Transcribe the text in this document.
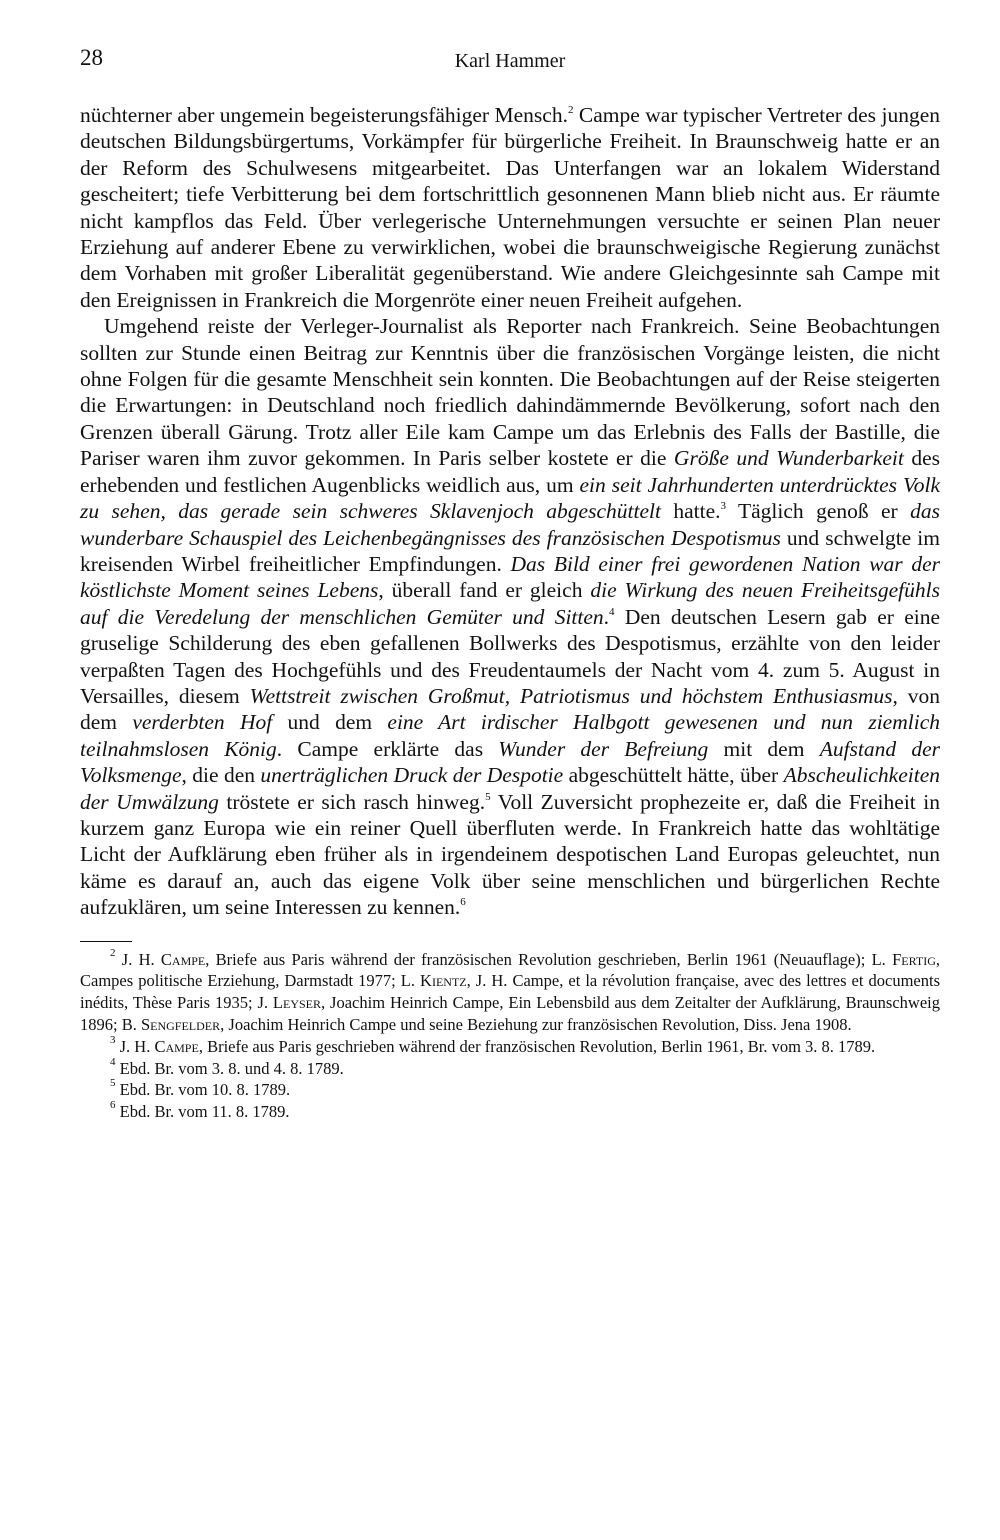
28	Karl Hammer

nüchterner aber ungemein begeisterungsfähiger Mensch.$^2$ Campe war typischer Vertreter des jungen deutschen Bildungsbürgertums, Vorkämpfer für bürgerliche Freiheit. In Braunschweig hatte er an der Reform des Schulwesens mitgearbeitet. Das Unterfangen war an lokalem Widerstand gescheitert; tiefe Verbitterung bei dem fortschrittlich gesonnenen Mann blieb nicht aus. Er räumte nicht kampflos das Feld. Über verlegerische Unternehmungen versuchte er seinen Plan neuer Erziehung auf anderer Ebene zu verwirklichen, wobei die braunschweigische Regierung zunächst dem Vorhaben mit großer Liberalität gegenüberstand. Wie andere Gleichgesinnte sah Campe mit den Ereignissen in Frankreich die Morgenröte einer neuen Freiheit aufgehen.

Umgehend reiste der Verleger-Journalist als Reporter nach Frankreich. Seine Beobachtungen sollten zur Stunde einen Beitrag zur Kenntnis über die französischen Vorgänge leisten, die nicht ohne Folgen für die gesamte Menschheit sein konnten. Die Beobachtungen auf der Reise steigerten die Erwartungen: in Deutschland noch friedlich dahindämmernde Bevölkerung, sofort nach den Grenzen überall Gärung. Trotz aller Eile kam Campe um das Erlebnis des Falls der Bastille, die Pariser waren ihm zuvor gekommen. In Paris selber kostete er die Größe und Wunderbarkeit des erhebenden und festlichen Augenblicks weidlich aus, um ein seit Jahrhunderten unterdrücktes Volk zu sehen, das gerade sein schweres Sklavenjoch abgeschüttelt hatte.$^3$ Täglich genoß er das wunderbare Schauspiel des Leichenbegängnisses des französischen Despotismus und schwelgte im kreisenden Wirbel freiheitlicher Empfindungen. Das Bild einer frei gewordenen Nation war der köstlichste Moment seines Lebens, überall fand er gleich die Wirkung des neuen Freiheitsgefühls auf die Veredelung der menschlichen Gemüter und Sitten.$^4$ Den deutschen Lesern gab er eine gruselige Schilderung des eben gefallenen Bollwerks des Despotismus, erzählte von den leider verpaßten Tagen des Hochgefühls und des Freudentaumels der Nacht vom 4. zum 5. August in Versailles, diesem Wettstreit zwischen Großmut, Patriotismus und höchstem Enthusiasmus, von dem verderbten Hof und dem eine Art irdischer Halbgott gewesenen und nun ziemlich teilnahmslosen König. Campe erklärte das Wunder der Befreiung mit dem Aufstand der Volksmenge, die den unerträglichen Druck der Despotie abgeschüttelt hätte, über Abscheulichkeiten der Umwälzung tröstete er sich rasch hinweg.$^5$ Voll Zuversicht prophezeite er, daß die Freiheit in kurzem ganz Europa wie ein reiner Quell überfluten werde. In Frankreich hatte das wohltätige Licht der Aufklärung eben früher als in irgendeinem despotischen Land Europas geleuchtet, nun käme es darauf an, auch das eigene Volk über seine menschlichen und bürgerlichen Rechte aufzuklären, um seine Interessen zu kennen.$^6$

$^2$ J. H. Campe, Briefe aus Paris während der französischen Revolution geschrieben, Berlin 1961 (Neuauflage); L. Fertig, Campes politische Erziehung, Darmstadt 1977; L. Kientz, J. H. Campe, et la révolution française, avec des lettres et documents inédits, Thèse Paris 1935; J. Leyser, Joachim Heinrich Campe, Ein Lebensbild aus dem Zeitalter der Aufklärung, Braunschweig 1896; B. Sengfelder, Joachim Heinrich Campe und seine Beziehung zur französischen Revolution, Diss. Jena 1908.

$^3$ J. H. Campe, Briefe aus Paris geschrieben während der französischen Revolution, Berlin 1961, Br. vom 3. 8. 1789.

$^4$ Ebd. Br. vom 3. 8. und 4. 8. 1789.

$^5$ Ebd. Br. vom 10. 8. 1789.

$^6$ Ebd. Br. vom 11. 8. 1789.
